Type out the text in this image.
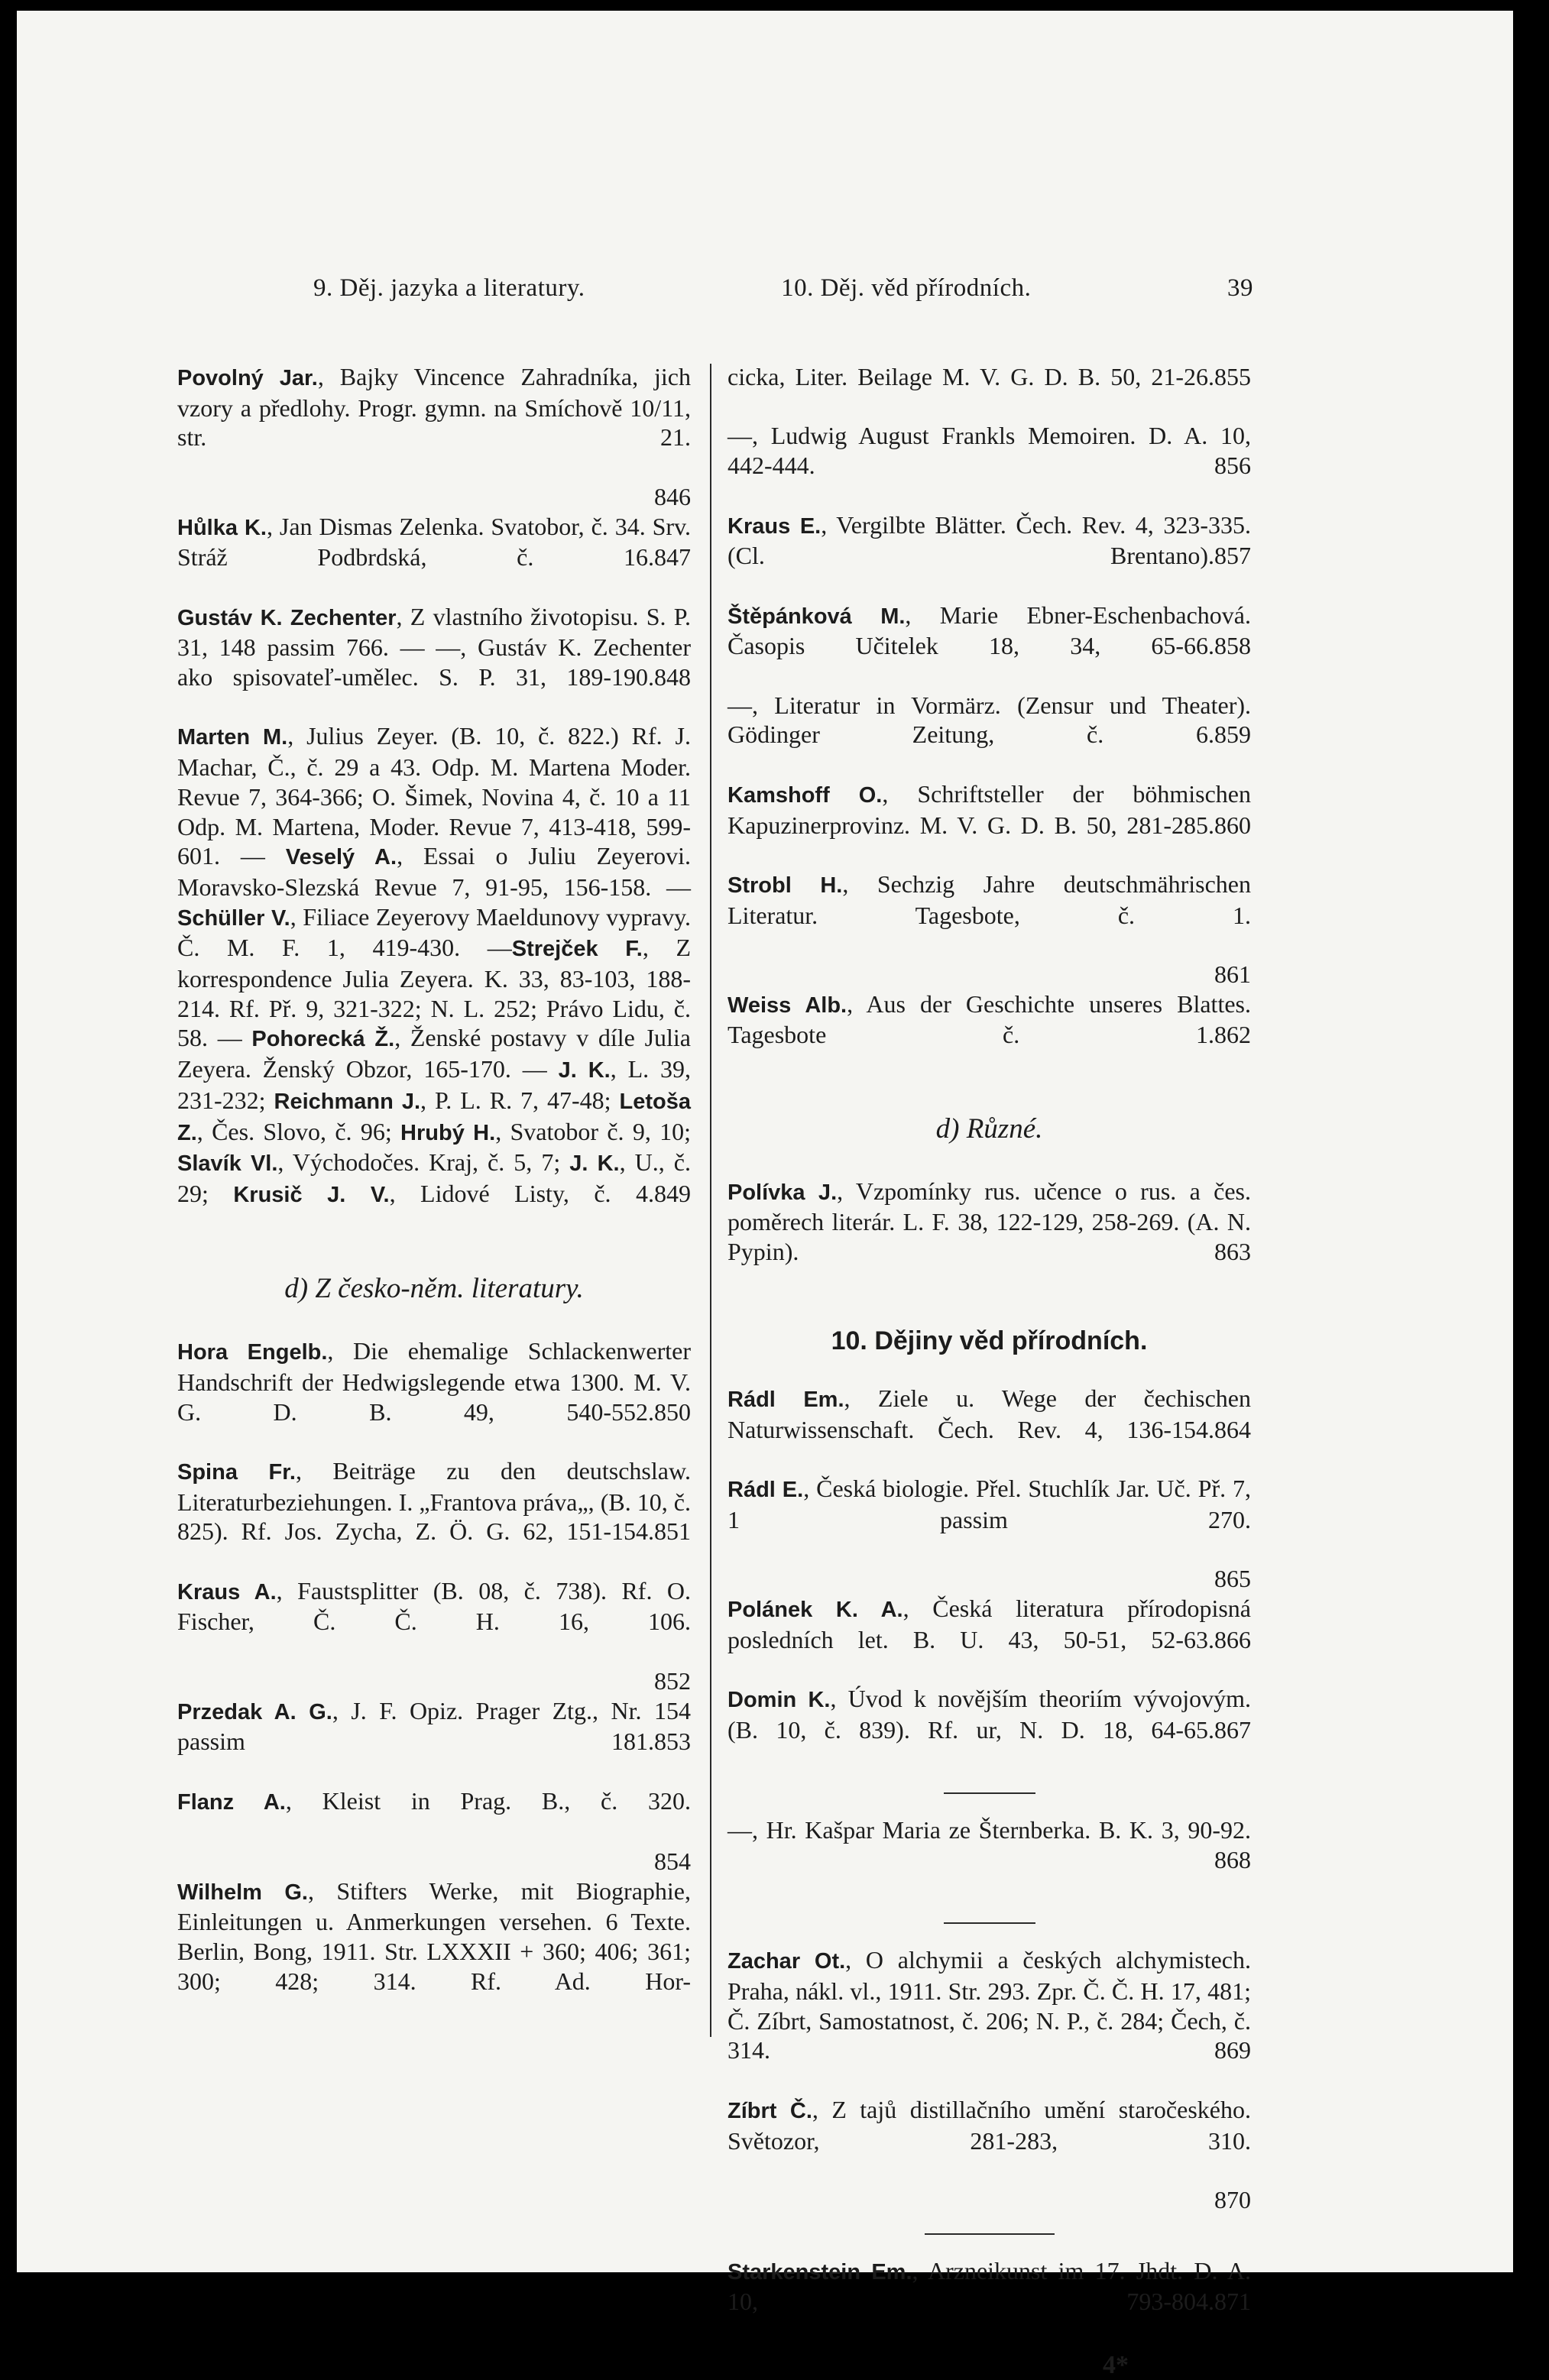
9. Děj. jazyka a literatury.	10. Děj. věd přírodních.	39

Povolný Jar., Bajky Vincence Zahradníka, jich vzory a předlohy. Progr. gymn. na Smíchově 10/11, str. 21.

846

Hůlka K., Jan Dismas Zelenka. Svatobor, č. 34. Srv. Stráž Podbrdská, č. 16. 847

Gustáv K. Zechenter, Z vlastního životopisu. S. P. 31, 148 passim 766. — —, Gustáv K. Zechenter ako spisovateľ-umělec. S. P. 31, 189-190. 848

Marten M., Julius Zeyer. (B. 10, č. 822.) Rf. J. Machar, Č., č. 29 a 43. Odp. M. Martena Moder. Revue 7, 364-366; O. Šimek, Novina 4, č. 10 a 11 Odp. M. Martena, Moder. Revue 7, 413-418, 599-601. — Veselý A., Essai o Juliu Zeyerovi. Moravsko-Slezská Revue 7, 91-95, 156-158. — Schüller V., Filiace Zeyerovy Maeldunovy vypravy. Č. M. F. 1, 419-430. —Strejček F., Z korrespondence Julia Zeyera. K. 33, 83-103, 188-214. Rf. Př. 9, 321-322; N. L. 252; Právo Lidu, č. 58. — Pohorecká Ž., Ženské postavy v díle Julia Zeyera. Ženský Obzor, 165-170. — J. K., L. 39, 231-232; Reichmann J., P. L. R. 7, 47-48; Letoša Z., Čes. Slovo, č. 96; Hrubý H., Svatobor č. 9, 10; Slavík Vl., Východočes. Kraj, č. 5, 7; J. K., U., č. 29; Krusič J. V., Lidové Listy, č. 4. 849

d) Z česko-něm. literatury.

Hora Engelb., Die ehemalige Schlackenwerter Handschrift der Hedwigslegende etwa 1300. M. V. G. D. B. 49, 540-552. 850

Spina Fr., Beiträge zu den deutschslaw. Literaturbeziehungen. I. „Frantova práva„, (B. 10, č. 825). Rf. Jos. Zycha, Z. Ö. G. 62, 151-154. 851

Kraus A., Faustsplitter (B. 08, č. 738). Rf. O. Fischer, Č. Č. H. 16, 106.

852

Przedak A. G., J. F. Opiz. Prager Ztg., Nr. 154 passim 181. 853

Flanz A., Kleist in Prag. B., č. 320.

854

Wilhelm G., Stifters Werke, mit Biographie, Einleitungen u. Anmerkungen versehen. 6 Texte. Berlin, Bong, 1911. Str. LXXXII + 360; 406; 361; 300; 428; 314. Rf. Ad. Hor-

cicka, Liter. Beilage M. V. G. D. B. 50, 21-26. 855

—, Ludwig August Frankls Memoiren. D. A. 10, 442-444.	856

Kraus E., Vergilbte Blätter. Čech. Rev. 4, 323-335. (Cl. Brentano). 857

Štěpánková M., Marie Ebner-Eschenbachová. Časopis Učitelek 18, 34, 65-66. 858

—, Literatur in Vormärz. (Zensur und Theater). Gödinger Zeitung, č. 6. 859

Kamshoff O., Schriftsteller der böhmischen Kapuzinerprovinz. M. V. G. D. B. 50, 281-285. 860

Strobl H., Sechzig Jahre deutschmährischen Literatur. Tagesbote, č. 1.

861

Weiss Alb., Aus der Geschichte unseres Blattes. Tagesbote č. 1. 862

d) Různé.

Polívka J., Vzpomínky rus. učence o rus. a čes. poměrech literár. L. F. 38, 122-129, 258-269. (A. N. Pypin).	863

10. Dějiny věd přírodních.

Rádl Em., Ziele u. Wege der čechischen Naturwissenschaft. Čech. Rev. 4, 136-154. 864

Rádl E., Česká biologie. Přel. Stuchlík Jar. Uč. Př. 7, 1 passim 270.

865

Polánek K. A., Česká literatura přírodopisná posledních let. B. U. 43, 50-51, 52-63. 866

Domin K., Úvod k novějším theoriím vývojovým. (B. 10, č. 839). Rf. ur, N. D. 18, 64-65. 867

—, Hr. Kašpar Maria ze Šternberka. B. K. 3, 90-92.
868

Zachar Ot., O alchymii a českých alchymistech. Praha, nákl. vl., 1911. Str. 293. Zpr. Č. Č. H. 17, 481; Č. Zíbrt, Samostatnost, č. 206; N. P., č. 284; Čech, č. 314.	869

Zíbrt Č., Z tajů distillačního umění staročeského. Světozor, 281-283, 310.

870

Starkenstein Em., Arzneikunst im 17. Jhdt. D. A. 10, 793-804. 871

4*
